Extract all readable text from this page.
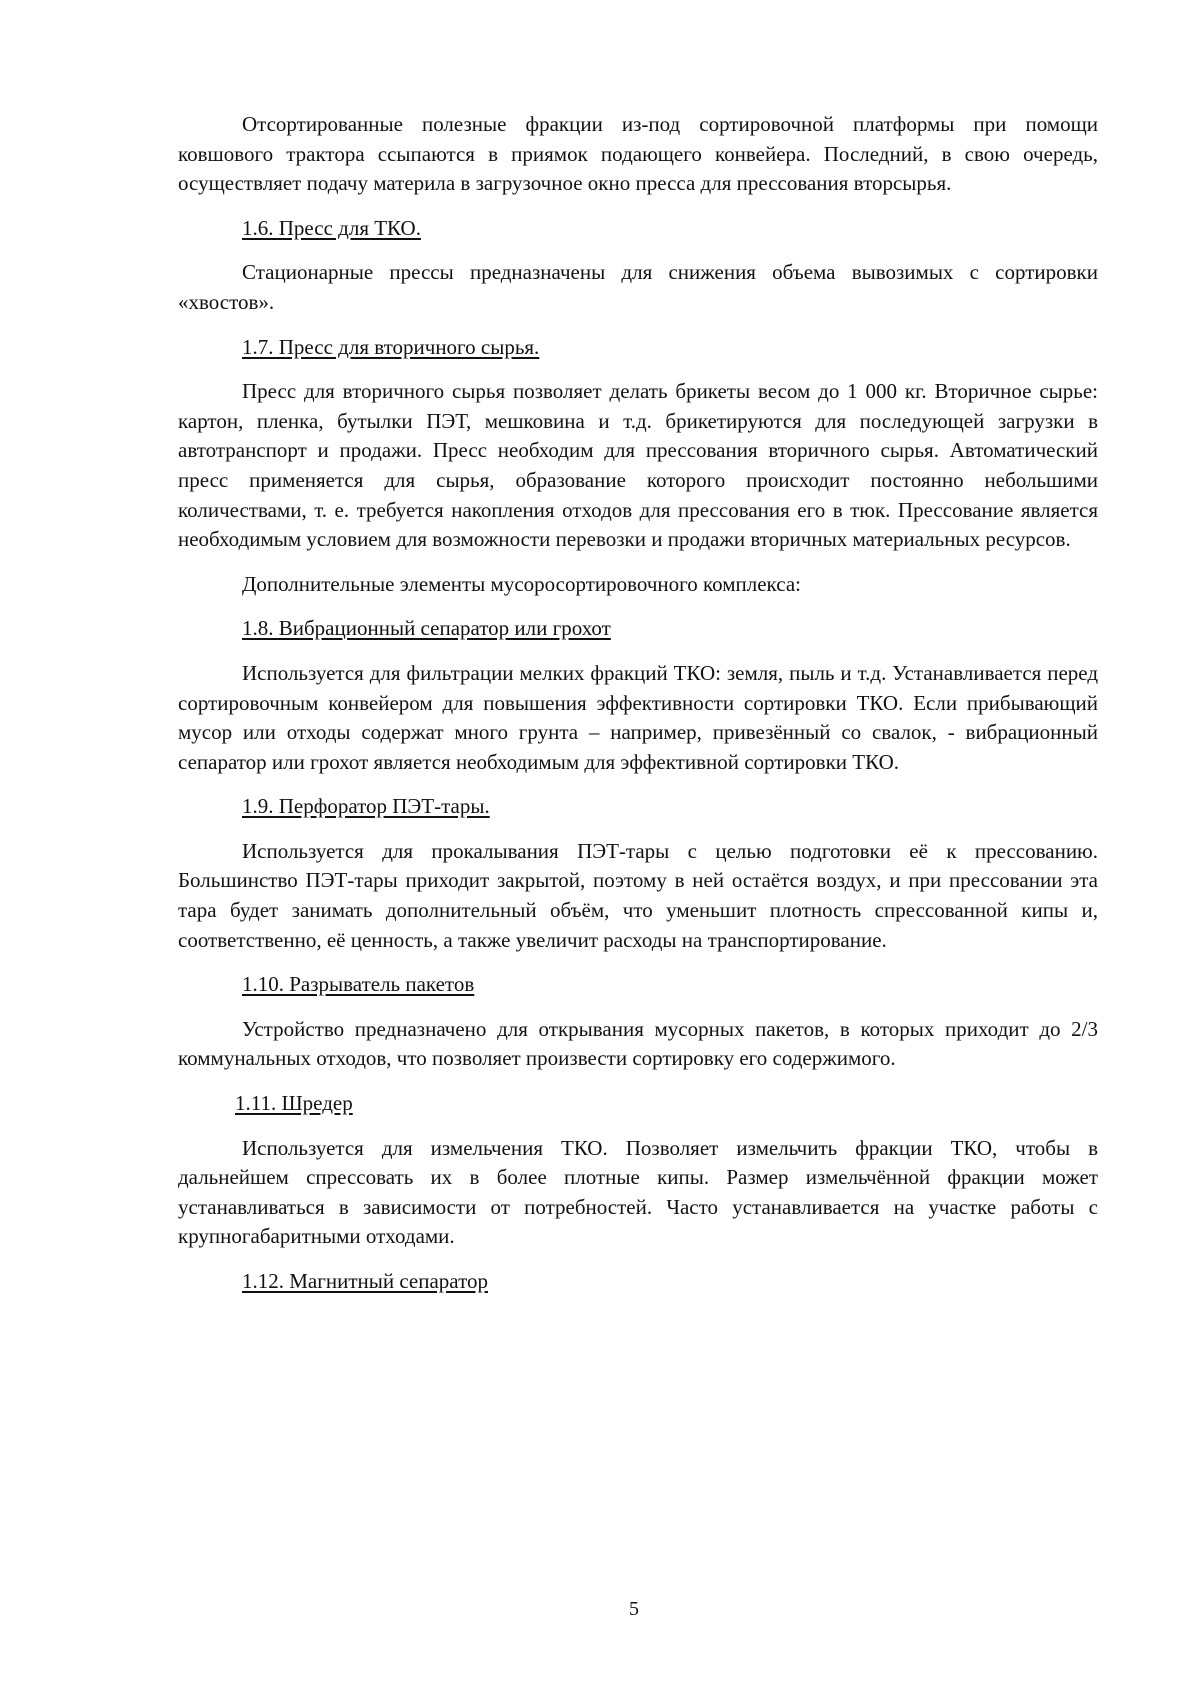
Отсортированные полезные фракции из-под сортировочной платформы при помощи ковшового трактора ссыпаются в приямок подающего конвейера. Последний, в свою очередь, осуществляет подачу материла в загрузочное окно пресса для прессования вторсырья.

1.6. Пресс для ТКО.

Стационарные прессы предназначены для снижения объема вывозимых с сортировки «хвостов».

1.7. Пресс для вторичного сырья.

Пресс для вторичного сырья позволяет делать брикеты весом до 1 000 кг. Вторичное сырье: картон, пленка, бутылки ПЭТ, мешковина и т.д. брикетируются для последующей загрузки в автотранспорт и продажи. Пресс необходим для прессования вторичного сырья. Автоматический пресс применяется для сырья, образование которого происходит постоянно небольшими количествами, т. е. требуется накопления отходов для прессования его в тюк. Прессование является необходимым условием для возможности перевозки и продажи вторичных материальных ресурсов.

Дополнительные элементы мусоросортировочного комплекса:

1.8. Вибрационный сепаратор или грохот

Используется для фильтрации мелких фракций ТКО: земля, пыль и т.д. Устанавливается перед сортировочным конвейером для повышения эффективности сортировки ТКО. Если прибывающий мусор или отходы содержат много грунта – например, привезённый со свалок, - вибрационный сепаратор или грохот является необходимым для эффективной сортировки ТКО.

1.9. Перфоратор ПЭТ-тары.

Используется для прокалывания ПЭТ-тары с целью подготовки её к прессованию. Большинство ПЭТ-тары приходит закрытой, поэтому в ней остаётся воздух, и при прессовании эта тара будет занимать дополнительный объём, что уменьшит плотность спрессованной кипы и, соответственно, её ценность, а также увеличит расходы на транспортирование.

1.10. Разрыватель пакетов

Устройство предназначено для открывания мусорных пакетов, в которых приходит до 2/3 коммунальных отходов, что позволяет произвести сортировку его содержимого.

1.11. Шредер

Используется для измельчения ТКО. Позволяет измельчить фракции ТКО, чтобы в дальнейшем спрессовать их в более плотные кипы. Размер измельчённой фракции может устанавливаться в зависимости от потребностей. Часто устанавливается на участке работы с крупногабаритными отходами.

1.12. Магнитный сепаратор

5
